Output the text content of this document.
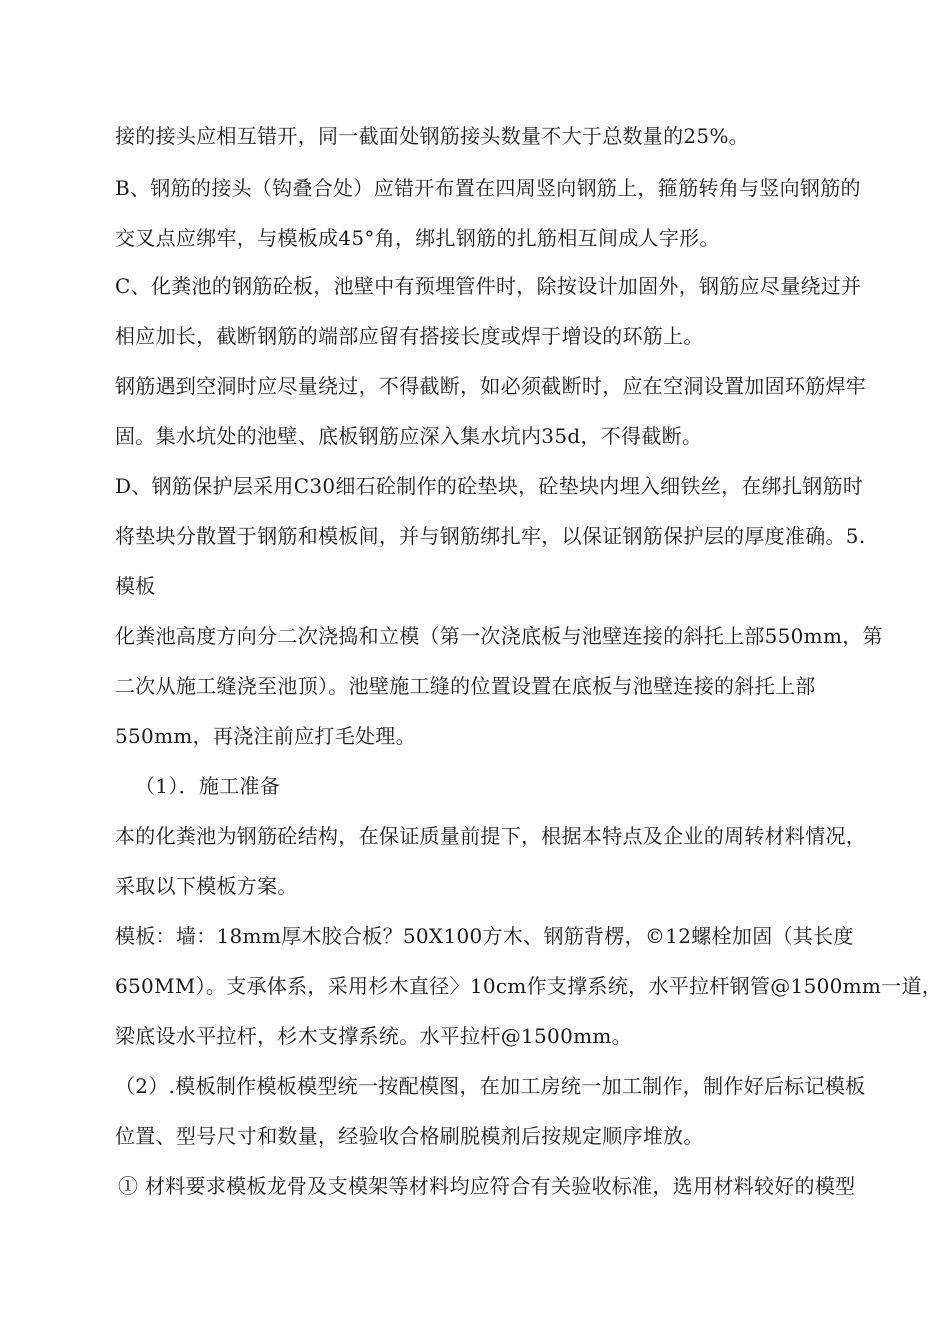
接的接头应相互错开，同一截面处钢筋接头数量不大于总数量的25%。
B、钢筋的接头（钩叠合处）应错开布置在四周竖向钢筋上，箍筋转角与竖向钢筋的
交叉点应绑牢，与模板成45°角，绑扎钢筋的扎筋相互间成人字形。
C、化粪池的钢筋砼板，池壁中有预埋管件时，除按设计加固外，钢筋应尽量绕过并
相应加长，截断钢筋的端部应留有搭接长度或焊于增设的环筋上。
钢筋遇到空洞时应尽量绕过，不得截断，如必须截断时，应在空洞设置加固环筋焊牢
固。集水坑处的池壁、底板钢筋应深入集水坑内35d，不得截断。
D、钢筋保护层采用C30细石砼制作的砼垫块，砼垫块内埋入细铁丝，在绑扎钢筋时
将垫块分散置于钢筋和模板间，并与钢筋绑扎牢，以保证钢筋保护层的厚度准确。5.
模板
化粪池高度方向分二次浇捣和立模（第一次浇底板与池壁连接的斜托上部550mm，第
二次从施工缝浇至池顶）。池壁施工缝的位置设置在底板与池壁连接的斜托上部
550mm，再浇注前应打毛处理。
（1）．施工准备
本的化粪池为钢筋砼结构，在保证质量前提下，根据本特点及企业的周转材料情况，
采取以下模板方案。
模板：墙：18mm厚木胶合板？50X100方木、钢筋背楞，©12螺栓加固（其长度
650MM）。支承体系，采用杉木直径〉10cm作支撑系统，水平拉杆钢管@1500mm一道，
梁底设水平拉杆，杉木支撑系统。水平拉杆@1500mm。
（2）.模板制作模板模型统一按配模图，在加工房统一加工制作，制作好后标记模板
位置、型号尺寸和数量，经验收合格刷脱模剂后按规定顺序堆放。
① 材料要求模板龙骨及支模架等材料均应符合有关验收标准，选用材料较好的模型
